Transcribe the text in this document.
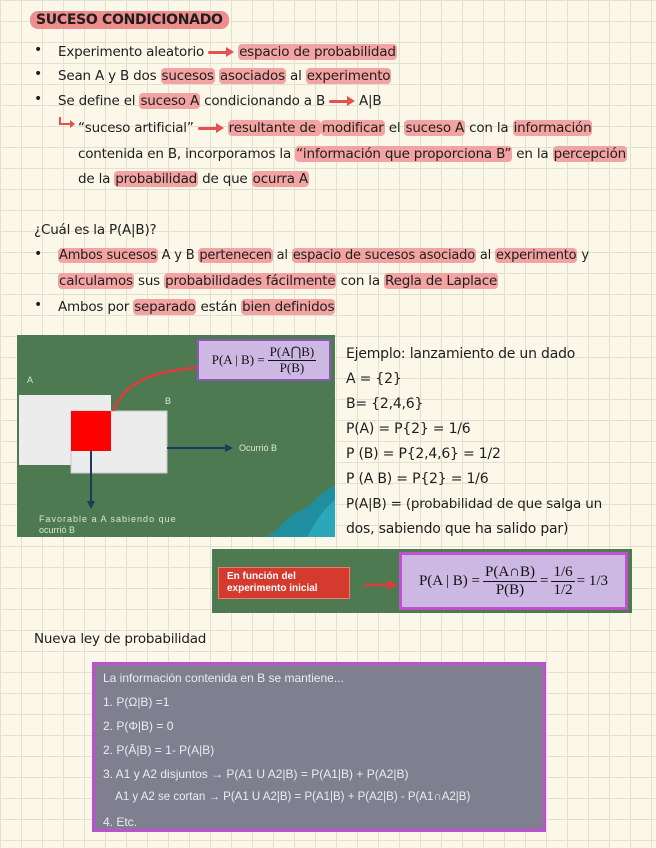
SUCESO CONDICIONADO
• Experimento aleatorio	espacio de probabilidad
• Sean A y B dos sucesos asociados al experimento
• Se define el suceso A condicionando a B	A|B
“suceso artificial”	resultante de modificar el suceso A con la información
contenida en B, incorporamos la “información que proporciona B” en la percepción
de la probabilidad de que ocurra A
¿Cuál es la P(A|B)?
• Ambos sucesos A y B pertenecen al espacio de sucesos asociado al experimento y
calculamos sus probabilidades fácilmente con la Regla de Laplace
• Ambos por separado están bien definidos
A
B
Ocurrió B
Favorable a A sabiendo que
ocurrió B
P(A | $B) = \frac{P(A⋂B)}{P(B)}$ Ejemplo: lanzamiento de un dado
A = {2}
B= {2,4,6}
P(A) = P{2} = 1/6
P (B) = P{2,4,6} = 1/2
P (A B) = P{2} = 1/6
P(A|B) = (probabilidad de que salga un
dos, sabiendo que ha salido par)
En función del
experimento inicial	P(A | $B) = \frac{P(A\cap B)}{P(B)} = \frac{1/6}{1/2} = 1/3$
Nueva ley de probabilidad
La información contenida en B se mantiene...
1. P(Ω|B) =1
2. P(Φ|B) = 0
2. P(Ā|B) = 1- P(A|B)
3. A1 y A2 disjuntos → P(A1 U A2|B) = P(A1|B) + P(A2|B)
A1 y A2 se cortan → P(A1 U A2|B) = P(A1|B) + P(A2|B) - P(A1∩A2|B)
4. Etc.
